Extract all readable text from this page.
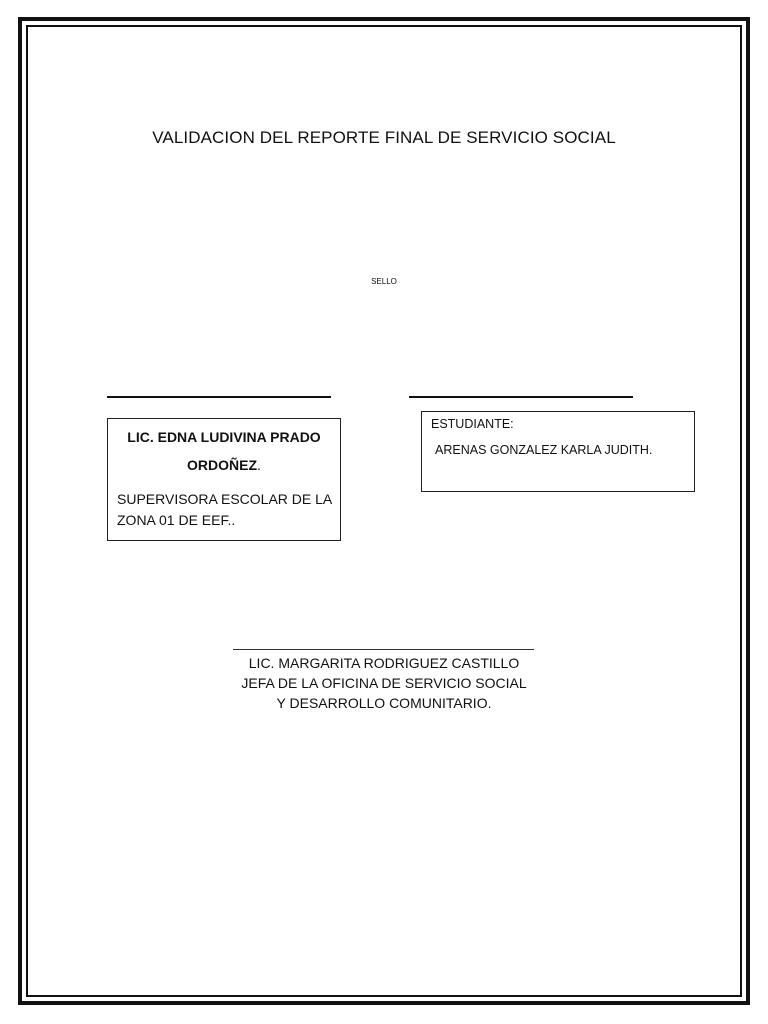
VALIDACION DEL REPORTE FINAL DE SERVICIO SOCIAL
SELLO
LIC. EDNA LUDIVINA PRADO
ORDOÑEZ.
SUPERVISORA ESCOLAR DE LA ZONA 01 DE EEF..
ESTUDIANTE:
ARENAS GONZALEZ KARLA JUDITH.
LIC. MARGARITA RODRIGUEZ CASTILLO
JEFA DE LA OFICINA DE SERVICIO SOCIAL
Y DESARROLLO COMUNITARIO.
